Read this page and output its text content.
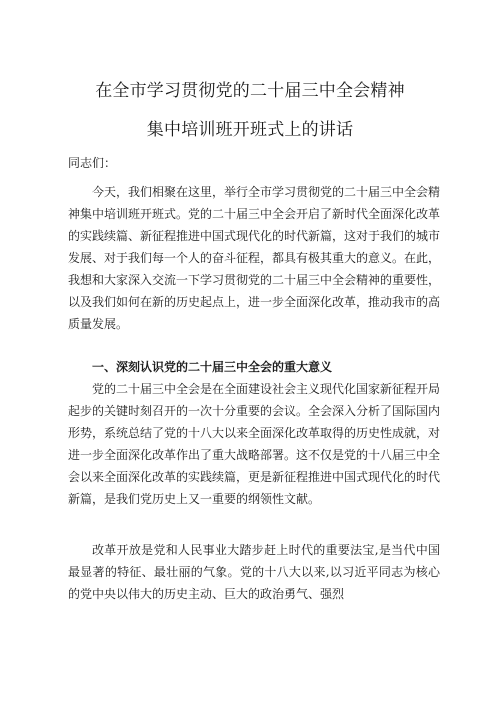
在全市学习贯彻党的二十届三中全会精神
集中培训班开班式上的讲话
同志们：

今天，我们相聚在这里，举行全市学习贯彻党的二十届三中全会精神集中培训班开班式。党的二十届三中全会开启了新时代全面深化改革的实践续篇、新征程推进中国式现代化的时代新篇，这对于我们的城市发展、对于我们每一个人的奋斗征程，都具有极其重大的意义。在此，我想和大家深入交流一下学习贯彻党的二十届三中全会精神的重要性，以及我们如何在新的历史起点上，进一步全面深化改革，推动我市的高质量发展。

一、深刻认识党的二十届三中全会的重大意义

党的二十届三中全会是在全面建设社会主义现代化国家新征程开局起步的关键时刻召开的一次十分重要的会议。全会深入分析了国际国内形势，系统总结了党的十八大以来全面深化改革取得的历史性成就，对进一步全面深化改革作出了重大战略部署。这不仅是党的十八届三中全会以来全面深化改革的实践续篇，更是新征程推进中国式现代化的时代新篇，是我们党历史上又一重要的纲领性文献。

改革开放是党和人民事业大踏步赶上时代的重要法宝,是当代中国最显著的特征、最壮丽的气象。党的十八大以来,以习近平同志为核心的党中央以伟大的历史主动、巨大的政治勇气、强烈
